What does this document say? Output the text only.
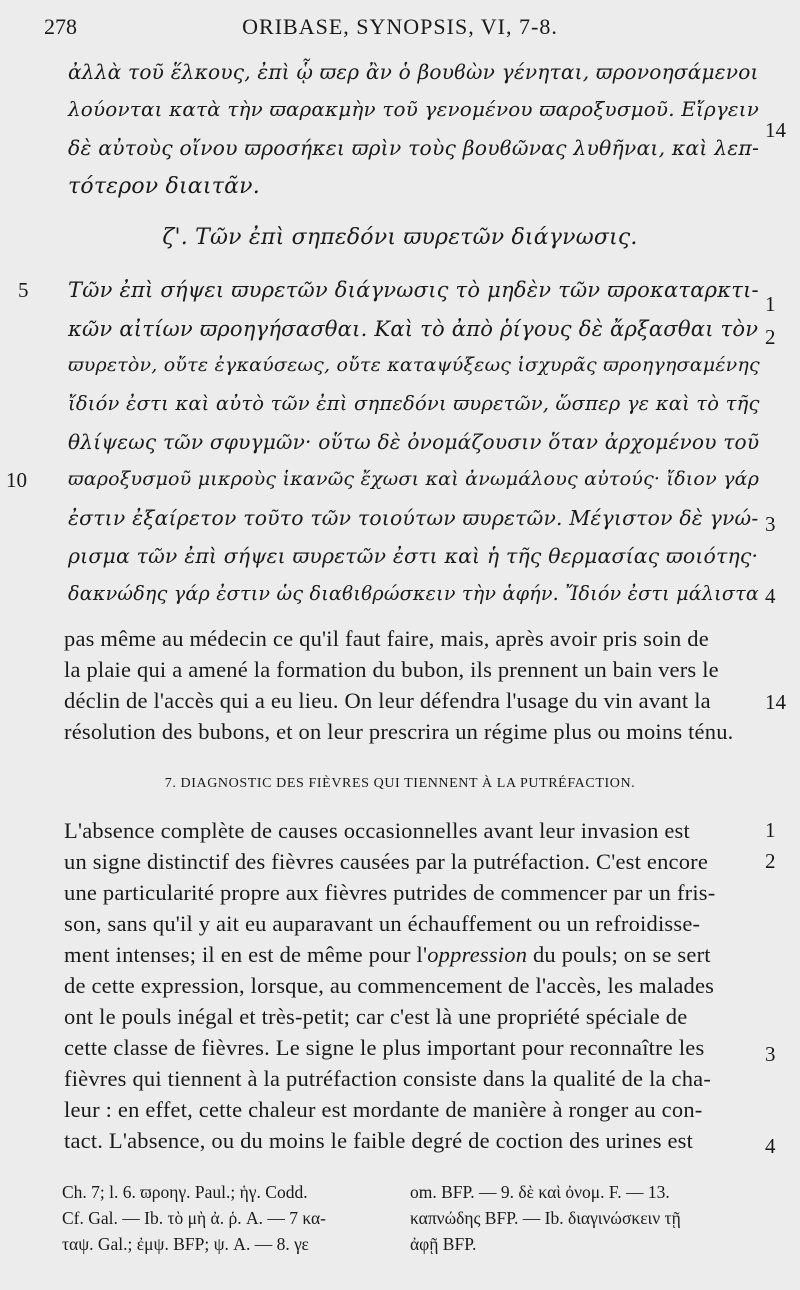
278	ORIBASE, SYNOPSIS, VI, 7-8.
ἀλλὰ τοῦ ἕλκους, ἐπὶ ᾧ ϖερ ἂν ὁ βουϐὼν γένηται, ϖρονοησάμενοι
λούονται κατὰ τὴν ϖαρακμὴν τοῦ γενομένου ϖαροξυσμοῦ. Εἴργειν
δὲ αὐτοὺς οἴνου ϖροσήκει ϖρὶν τοὺς βουϐῶνας λυθῆναι, καὶ λεπ-
τότερον διαιτᾶν.
ζ'. Τῶν ἐπὶ σηπεδόνι ϖυρετῶν διάγνωσις.
Τῶν ἐπὶ σήψει ϖυρετῶν διάγνωσις τὸ μηδὲν τῶν ϖροκαταρκτι-
κῶν αἰτίων ϖροηγήσασθαι. Καὶ τὸ ἀπὸ ῥίγους δὲ ἄρξασθαι τὸν
ϖυρετὸν, οὔτε ἐγκαύσεως, οὔτε καταψύξεως ἰσχυρᾶς ϖροηγησαμένης
ἴδιόν ἐστι καὶ αὐτὸ τῶν ἐπὶ σηπεδόνι ϖυρετῶν, ὥσπερ γε καὶ τὸ τῆς
θλίψεως τῶν σφυγμῶν· οὕτω δὲ ὀνομάζουσιν ὅταν ἀρχομένου τοῦ
ϖαροξυσμοῦ μικροὺς ἱκανῶς ἔχωσι καὶ ἀνωμάλους αὐτούς· ἴδιον γάρ
ἐστιν ἐξαίρετον τοῦτο τῶν τοιούτων ϖυρετῶν. Μέγιστον δὲ γνώ-
ρισμα τῶν ἐπὶ σήψει ϖυρετῶν ἐστι καὶ ἡ τῆς θερμασίας ϖοιότης·
δακνώδης γάρ ἐστιν ὡς διαϐιϐρώσκειν τὴν ἁφήν. Ἴδιόν ἐστι μάλιστα
5
10
14
1
2
3
4
pas même au médecin ce qu'il faut faire, mais, après avoir pris soin de
la plaie qui a amené la formation du bubon, ils prennent un bain vers le
déclin de l'accès qui a eu lieu. On leur défendra l'usage du vin avant la
résolution des bubons, et on leur prescrira un régime plus ou moins ténu.
14
7. DIAGNOSTIC DES FIÈVRES QUI TIENNENT À LA PUTRÉFACTION.
L'absence complète de causes occasionnelles avant leur invasion est
un signe distinctif des fièvres causées par la putréfaction. C'est encore
une particularité propre aux fièvres putrides de commencer par un fris-
son, sans qu'il y ait eu auparavant un échauffement ou un refroidisse-
ment intenses; il en est de même pour l'oppression du pouls; on se sert
de cette expression, lorsque, au commencement de l'accès, les malades
ont le pouls inégal et très-petit; car c'est là une propriété spéciale de
cette classe de fièvres. Le signe le plus important pour reconnaître les
fièvres qui tiennent à la putréfaction consiste dans la qualité de la cha-
leur : en effet, cette chaleur est mordante de manière à ronger au con-
tact. L'absence, ou du moins le faible degré de coction des urines est
1
2
3
4
Ch. 7; l. 6. ϖροηγ. Paul.; ἡγ. Codd.
Cf. Gal. — Ib. τὸ μὴ ἀ. ῥ. A. — 7 κα-
ταψ. Gal.; ἐμψ. BFP; ψ. A. — 8. γε
om. BFP. — 9. δὲ καὶ ὀνομ. F. — 13.
καπνώδης BFP. — Ib. διαγινώσκειν τῇ
ἀφῇ BFP.
